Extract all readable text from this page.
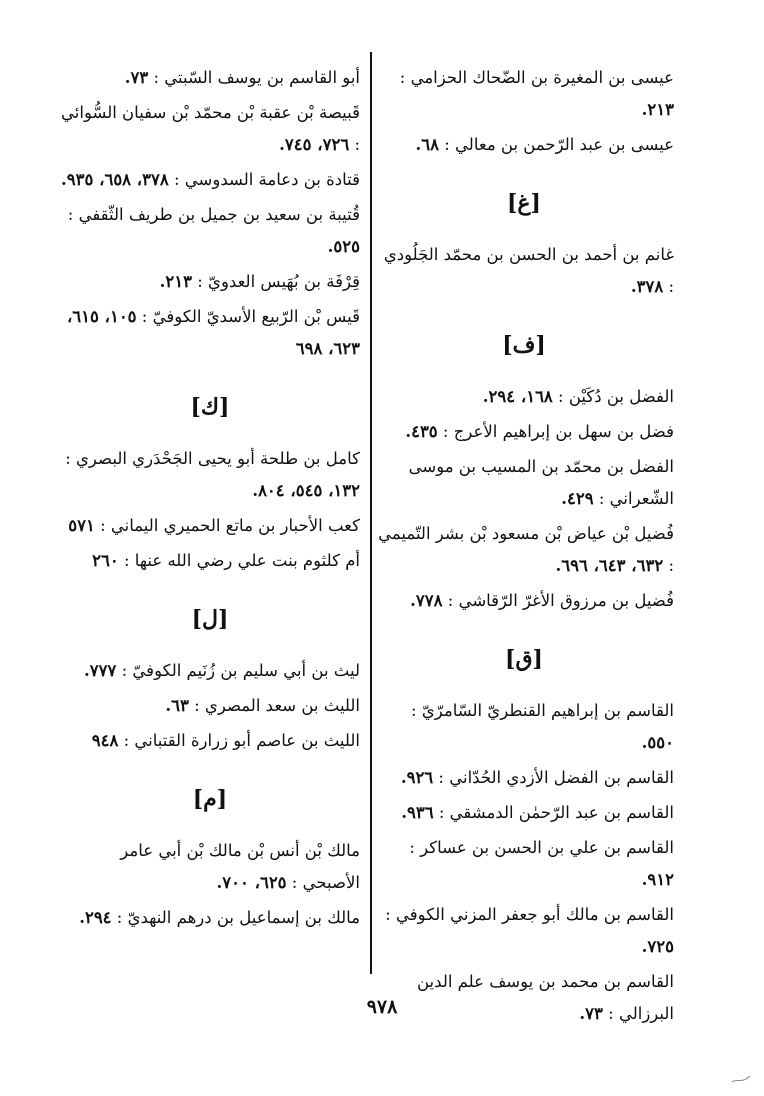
عيسى بن المغيرة بن الضّحاك الحزامي : ٢١٣.
عيسى بن عبد الرّحمن بن معالي : ٦٨.
[غ]
غانم بن أحمد بن الحسن بن محمّد الجَلُودي : ٣٧٨.
[ف]
الفضل بن دُكَيْن : ١٦٨، ٢٩٤.
فضل بن سهل بن إبراهيم الأعرج : ٤٣٥.
الفضل بن محمّد بن المسيب بن موسى الشّعراني : ٤٢٩.
فُضيل بْن عياض بْن مسعود بْن بشر التّميمي : ٦٣٢، ٦٤٣، ٦٩٦.
فُضيل بن مرزوق الأغرّ الرّقاشي : ٧٧٨.
[ق]
القاسم بن إبراهيم القنطريّ السّامرّيّ : ٥٥٠.
القاسم بن الفضل الأزدي الحُدّاني : ٩٢٦.
القاسم بن عبد الرّحمٰن الدمشقي : ٩٣٦.
القاسم بن علي بن الحسن بن عساكر : ٩١٢.
القاسم بن مالك أبو جعفر المزني الكوفي : ٧٢٥.
القاسم بن محمد بن يوسف علم الدين البرزالي : ٧٣.
أبو القاسم بن يوسف السّبتي : ٧٣.
قَبيصة بْن عقبة بْن محمّد بْن سفيان السُّوائي : ٧٢٦، ٧٤٥.
قتادة بن دعامة السدوسي : ٣٧٨، ٦٥٨، ٩٣٥.
قُتيبة بن سعيد بن جميل بن طريف الثّقفي : ٥٢٥.
قِرْفَة بن بُهَيس العدويّ : ٢١٣.
قَيس بْن الرّبيع الأسديّ الكوفيّ : ١٠٥، ٦١٥، ٦٢٣، ٦٩٨
[ك]
كامل بن طلحة أبو يحيى الجَحْدَري البصري : ١٣٢، ٥٤٥، ٨٠٤.
كعب الأحبار بن ماتع الحميري اليماني : ٥٧١
أم كلثوم بنت علي رضي الله عنها : ٢٦٠
[ل]
ليث بن أبي سليم بن زُنَيم الكوفيّ : ٧٧٧.
الليث بن سعد المصري : ٦٣.
الليث بن عاصم أبو زرارة القتباني : ٩٤٨
[م]
مالك بْن أنس بْن مالك بْن أبي عامر الأصبحي : ٦٢٥، ٧٠٠.
مالك بن إسماعيل بن درهم النهديّ : ٢٩٤.
٩٧٨
